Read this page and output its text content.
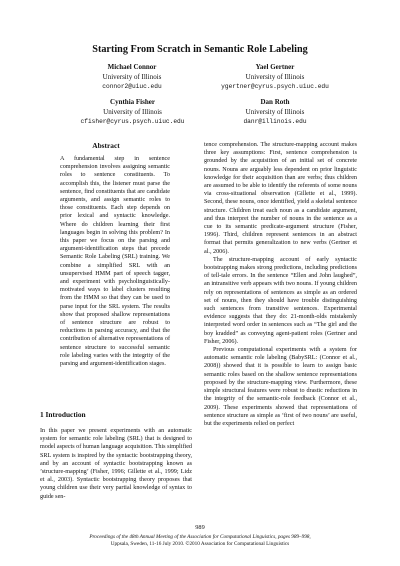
Starting From Scratch in Semantic Role Labeling
Michael Connor
University of Illinois
connor2@uiuc.edu
Yael Gertner
University of Illinois
ygertner@cyrus.psych.uiuc.edu
Cynthia Fisher
University of Illinois
cfisher@cyrus.psych.uiuc.edu
Dan Roth
University of Illinois
danr@illinois.edu
Abstract

A fundamental step in sentence comprehension involves assigning semantic roles to sentence constituents. To accomplish this, the listener must parse the sentence, find constituents that are candidate arguments, and assign semantic roles to those constituents. Each step depends on prior lexical and syntactic knowledge. Where do children learning their first languages begin in solving this problem? In this paper we focus on the parsing and argument-identification steps that precede Semantic Role Labeling (SRL) training. We combine a simplified SRL with an unsupervised HMM part of speech tagger, and experiment with psycholinguistically-motivated ways to label clusters resulting from the HMM so that they can be used to parse input for the SRL system. The results show that proposed shallow representations of sentence structure are robust to reductions in parsing accuracy, and that the contribution of alternative representations of sentence structure to successful semantic role labeling varies with the integrity of the parsing and argument-identification stages.

1 Introduction

In this paper we present experiments with an automatic system for semantic role labeling (SRL) that is designed to model aspects of human language acquisition. This simplified SRL system is inspired by the syntactic bootstrapping theory, and by an account of syntactic bootstrapping known as ’structure-mapping’ (Fisher, 1996; Gillette et al., 1999; Lidz et al., 2003). Syntactic bootstrapping theory proposes that young children use their very partial knowledge of syntax to guide sen-

tence comprehension. The structure-mapping account makes three key assumptions: First, sentence comprehension is grounded by the acquisition of an initial set of concrete nouns. Nouns are arguably less dependent on prior linguistic knowledge for their acquisition than are verbs; thus children are assumed to be able to identify the referents of some nouns via cross-situational observation (Gillette et al., 1999). Second, these nouns, once identified, yield a skeletal sentence structure. Children treat each noun as a candidate argument, and thus interpret the number of nouns in the sentence as a cue to its semantic predicate-argument structure (Fisher, 1996). Third, children represent sentences in an abstract format that permits generalization to new verbs (Gertner et al., 2006).

The structure-mapping account of early syntactic bootstrapping makes strong predictions, including predictions of tell-tale errors. In the sentence “Ellen and John laughed”, an intransitive verb appears with two nouns. If young children rely on representations of sentences as simple as an ordered set of nouns, then they should have trouble distinguishing such sentences from transitive sentences. Experimental evidence suggests that they do: 21-month-olds mistakenly interpreted word order in sentences such as “The girl and the boy kradded” as conveying agent-patient roles (Gertner and Fisher, 2006).

Previous computational experiments with a system for automatic semantic role labeling (BabySRL: (Connor et al., 2008)) showed that it is possible to learn to assign basic semantic roles based on the shallow sentence representations proposed by the structure-mapping view. Furthermore, these simple structural features were robust to drastic reductions in the integrity of the semantic-role feedback (Connor et al., 2009). These experiments showed that representations of sentence structure as simple as ‘first of two nouns’ are useful, but the experiments relied on perfect

989
Proceedings of the 48th Annual Meeting of the Association for Computational Linguistics, pages 989–998,
Uppsala, Sweden, 11-16 July 2010. ©2010 Association for Computational Linguistics
